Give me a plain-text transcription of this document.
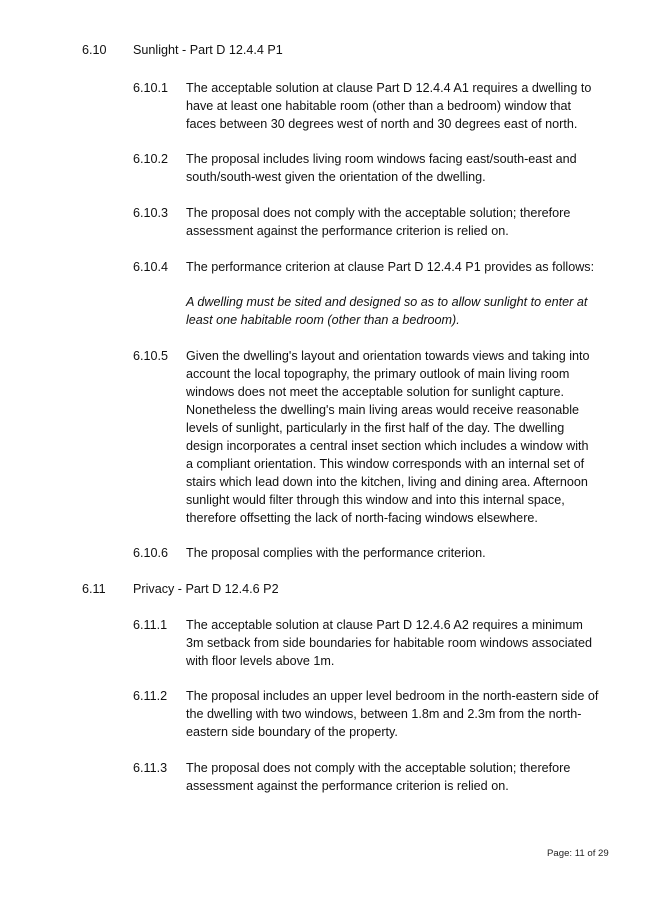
6.10 Sunlight - Part D 12.4.4 P1
6.10.1 The acceptable solution at clause Part D 12.4.4 A1 requires a dwelling to
have at least one habitable room (other than a bedroom) window that
faces between 30 degrees west of north and 30 degrees east of north.
6.10.2 The proposal includes living room windows facing east/south-east and
south/south-west given the orientation of the dwelling.
6.10.3 The proposal does not comply with the acceptable solution; therefore
assessment against the performance criterion is relied on.
6.10.4 The performance criterion at clause Part D 12.4.4 P1 provides as follows:
A dwelling must be sited and designed so as to allow sunlight to enter at
least one habitable room (other than a bedroom).
6.10.5 Given the dwelling's layout and orientation towards views and taking into
account the local topography, the primary outlook of main living room
windows does not meet the acceptable solution for sunlight capture.
Nonetheless the dwelling's main living areas would receive reasonable
levels of sunlight, particularly in the first half of the day. The dwelling
design incorporates a central inset section which includes a window with
a compliant orientation. This window corresponds with an internal set of
stairs which lead down into the kitchen, living and dining area. Afternoon
sunlight would filter through this window and into this internal space,
therefore offsetting the lack of north-facing windows elsewhere.
6.10.6 The proposal complies with the performance criterion.
6.11 Privacy - Part D 12.4.6 P2
6.11.1 The acceptable solution at clause Part D 12.4.6 A2 requires a minimum
3m setback from side boundaries for habitable room windows associated
with floor levels above 1m.
6.11.2 The proposal includes an upper level bedroom in the north-eastern side of
the dwelling with two windows, between 1.8m and 2.3m from the north-
eastern side boundary of the property.
6.11.3 The proposal does not comply with the acceptable solution; therefore
assessment against the performance criterion is relied on.
Page: 11 of 29
